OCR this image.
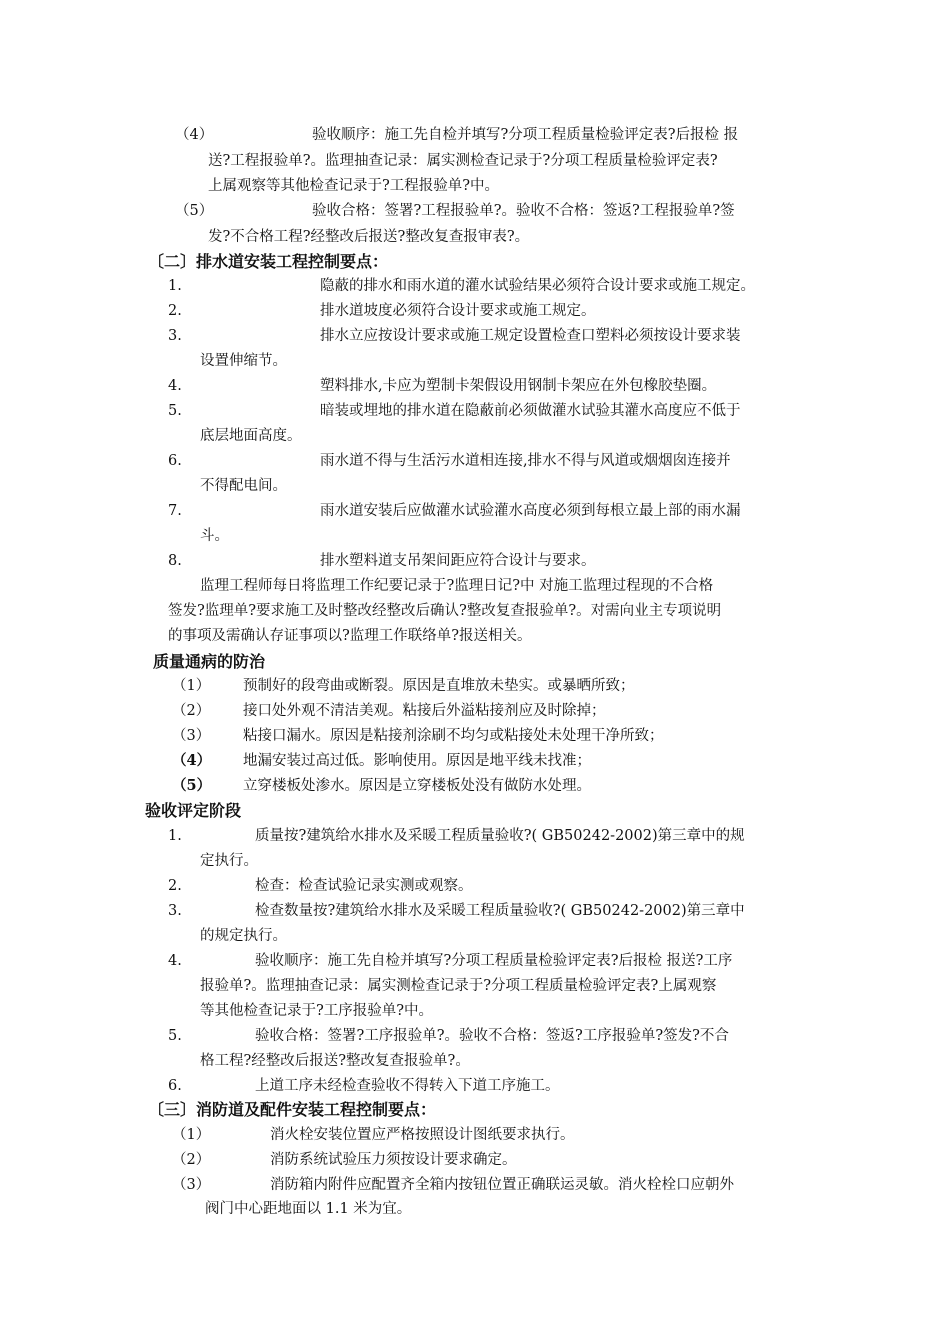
（4）	验收顺序：施工先自检并填写?分项工程质量检验评定表?后报检 报
送?工程报验单?。监理抽查记录：属实测检查记录于?分项工程质量检验评定表?
上属观察等其他检查记录于?工程报验单?中。
（5）	验收合格：签署?工程报验单?。验收不合格：签返?工程报验单?签
发?不合格工程?经整改后报送?整改复查报审表?。
〔二〕排水道安装工程控制要点：
1.	隐蔽的排水和雨水道的灌水试验结果必须符合设计要求或施工规定。
2.	排水道坡度必须符合设计要求或施工规定。
3.	排水立应按设计要求或施工规定设置检查口塑料必须按设计要求装
设置伸缩节。
4.	塑料排水,卡应为塑制卡架假设用钢制卡架应在外包橡胶垫圈。
5.	暗装或埋地的排水道在隐蔽前必须做灌水试验其灌水高度应不低于
底层地面高度。
6.	雨水道不得与生活污水道相连接,排水不得与风道或烟烟囱连接并
不得配电间。
7.	雨水道安装后应做灌水试验灌水高度必须到每根立最上部的雨水漏
斗。
8.	排水塑料道支吊架间距应符合设计与要求。
监理工程师每日将监理工作纪要记录于?监理日记?中 对施工监理过程现的不合格
签发?监理单?要求施工及时整改经整改后确认?整改复查报验单?。对需向业主专项说明
的事项及需确认存证事项以?监理工作联络单?报送相关。
质量通病的防治
（1） 预制好的段弯曲或断裂。原因是直堆放未垫实。或暴晒所致；
（2） 接口处外观不清洁美观。粘接后外溢粘接剂应及时除掉；
（3） 粘接口漏水。原因是粘接剂涂刷不均匀或粘接处未处理干净所致；
（4） 地漏安装过高过低。影响使用。原因是地平线未找准；
（5） 立穿楼板处渗水。原因是立穿楼板处没有做防水处理。
验收评定阶段
1.	质量按?建筑给水排水及采暖工程质量验收?( GB50242-2002)第三章中的规
定执行。
2.	检查：检查试验记录实测或观察。
3.	检查数量按?建筑给水排水及采暖工程质量验收?( GB50242-2002)第三章中
的规定执行。
4.	验收顺序：施工先自检并填写?分项工程质量检验评定表?后报检 报送?工序
报验单?。监理抽查记录：属实测检查记录于?分项工程质量检验评定表?上属观察
等其他检查记录于?工序报验单?中。
5.	验收合格：签署?工序报验单?。验收不合格：签返?工序报验单?签发?不合
格工程?经整改后报送?整改复查报验单?。
6.	上道工序未经检查验收不得转入下道工序施工。
〔三〕消防道及配件安装工程控制要点：
（1）	消火栓安装位置应严格按照设计图纸要求执行。
（2）	消防系统试验压力须按设计要求确定。
（3）	消防箱内附件应配置齐全箱内按钮位置正确联运灵敏。消火栓栓口应朝外
阀门中心距地面以 1.1 米为宜。
